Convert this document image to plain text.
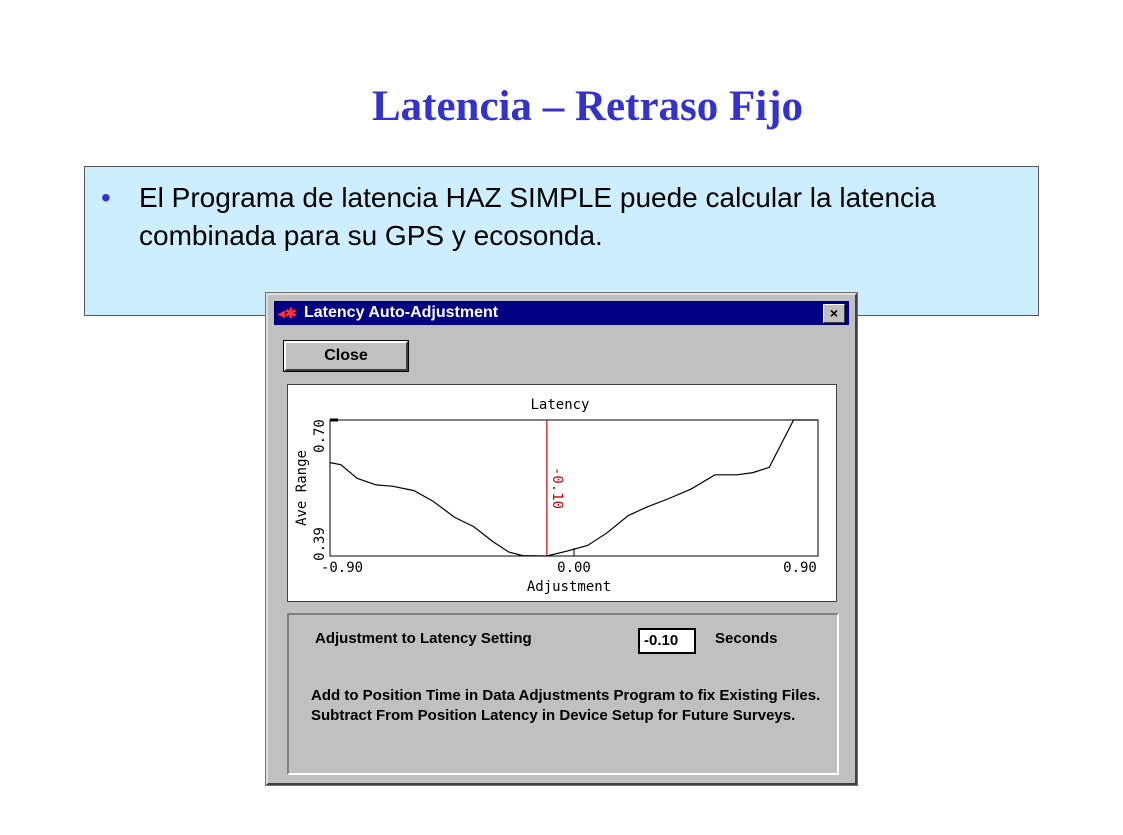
Latencia – Retraso Fijo
•	El Programa de latencia HAZ SIMPLE puede calcular la latencia combinada para su GPS y ecosonda.
◂✱ Latency Auto-Adjustment	×
Close
Latency
Adjustment
Ave Range
-0.90	0.00	0.90
0.39
0.70
-0.10
Adjustment to Latency Setting	-0.10	Seconds
Add to Position Time in Data Adjustments Program to fix Existing Files. Subtract From Position Latency in Device Setup for Future Surveys.
